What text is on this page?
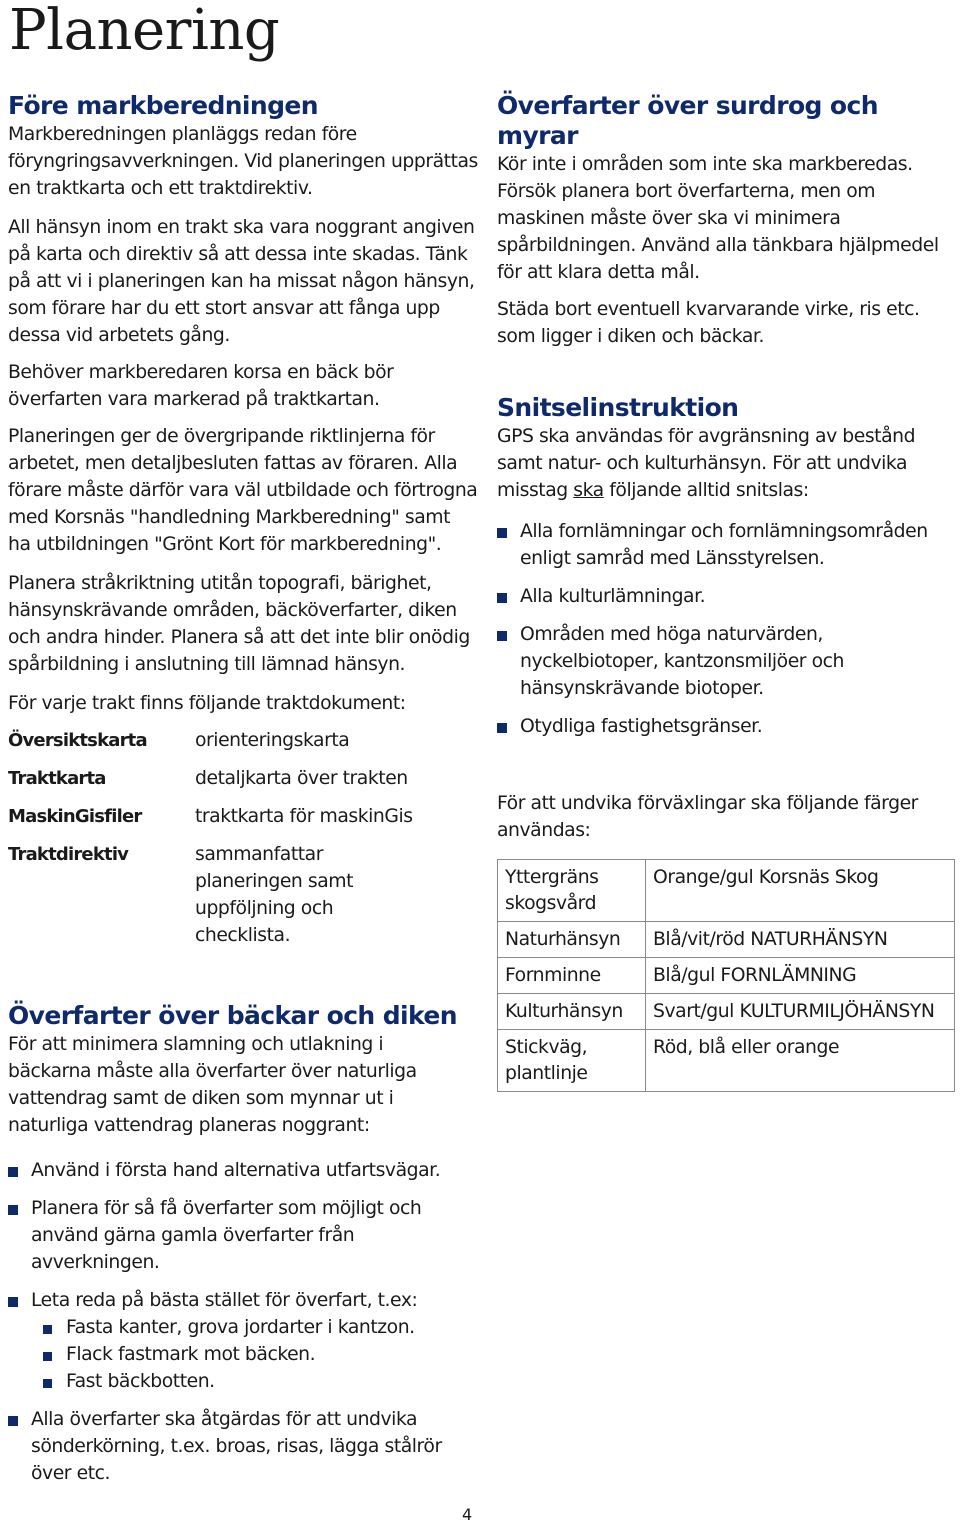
Planering
Före markberedningen

Markberedningen planläggs redan före föryngringsavverkningen. Vid planeringen upprättas en traktkarta och ett traktdirektiv.

All hänsyn inom en trakt ska vara noggrant angiven på karta och direktiv så att dessa inte skadas. Tänk på att vi i planeringen kan ha missat någon hänsyn, som förare har du ett stort ansvar att fånga upp dessa vid arbetets gång.

Behöver markberedaren korsa en bäck bör överfarten vara markerad på traktkartan.

Planeringen ger de övergripande riktlinjerna för arbetet, men detaljbesluten fattas av föraren. Alla förare måste därför vara väl utbildade och förtrogna med Korsnäs "handledning Markberedning" samt ha utbildningen "Grönt Kort för markberedning".

Planera stråkriktning utitån topografi, bärighet, hänsynskrävande områden, bäcköverfarter, diken och andra hinder. Planera så att det inte blir onödig spårbildning i anslutning till lämnad hänsyn.

För varje trakt finns följande traktdokument:

Översiktskarta	orienteringskarta
Traktkarta	detaljkarta över trakten
MaskinGisfiler	traktkarta för maskinGis
Traktdirektiv	sammanfattar planeringen samt uppföljning och checklista.
Överfarter över bäckar och diken

För att minimera slamning och utlakning i bäckarna måste alla överfarter över naturliga vattendrag samt de diken som mynnar ut i naturliga vattendrag planeras noggrant:

Använd i första hand alternativa utfartsvägar.
Planera för så få överfarter som möjligt och använd gärna gamla överfarter från avverkningen.
Leta reda på bästa stället för överfart, t.ex:
Fasta kanter, grova jordarter i kantzon.
Flack fastmark mot bäcken.
Fast bäckbotten.
Alla överfarter ska åtgärdas för att undvika sönderkörning, t.ex. broas, risas, lägga stålrör över etc.
Överfarter över surdrog och myrar

Kör inte i områden som inte ska markberedas. Försök planera bort överfarterna, men om maskinen måste över ska vi minimera spårbildningen. Använd alla tänkbara hjälpmedel för att klara detta mål.

Städa bort eventuell kvarvarande virke, ris etc. som ligger i diken och bäckar.

Snitselinstruktion

GPS ska användas för avgränsning av bestånd samt natur- och kulturhänsyn. För att undvika misstag ska följande alltid snitslas:

Alla fornlämningar och fornlämningsområden enligt samråd med Länsstyrelsen.
Alla kulturlämningar.
Områden med höga naturvärden, nyckelbiotoper, kantzonsmiljöer och hänsynskrävande biotoper.
Otydliga fastighetsgränser.

För att undvika förväxlingar ska följande färger användas:

Yttergräns skogsvård	Orange/gul Korsnäs Skog
Naturhänsyn	Blå/vit/röd NATURHÄNSYN
Fornminne	Blå/gul FORNLÄMNING
Kulturhänsyn	Svart/gul KULTURMILJÖHÄNSYN
Stickväg, plantlinje	Röd, blå eller orange
4
